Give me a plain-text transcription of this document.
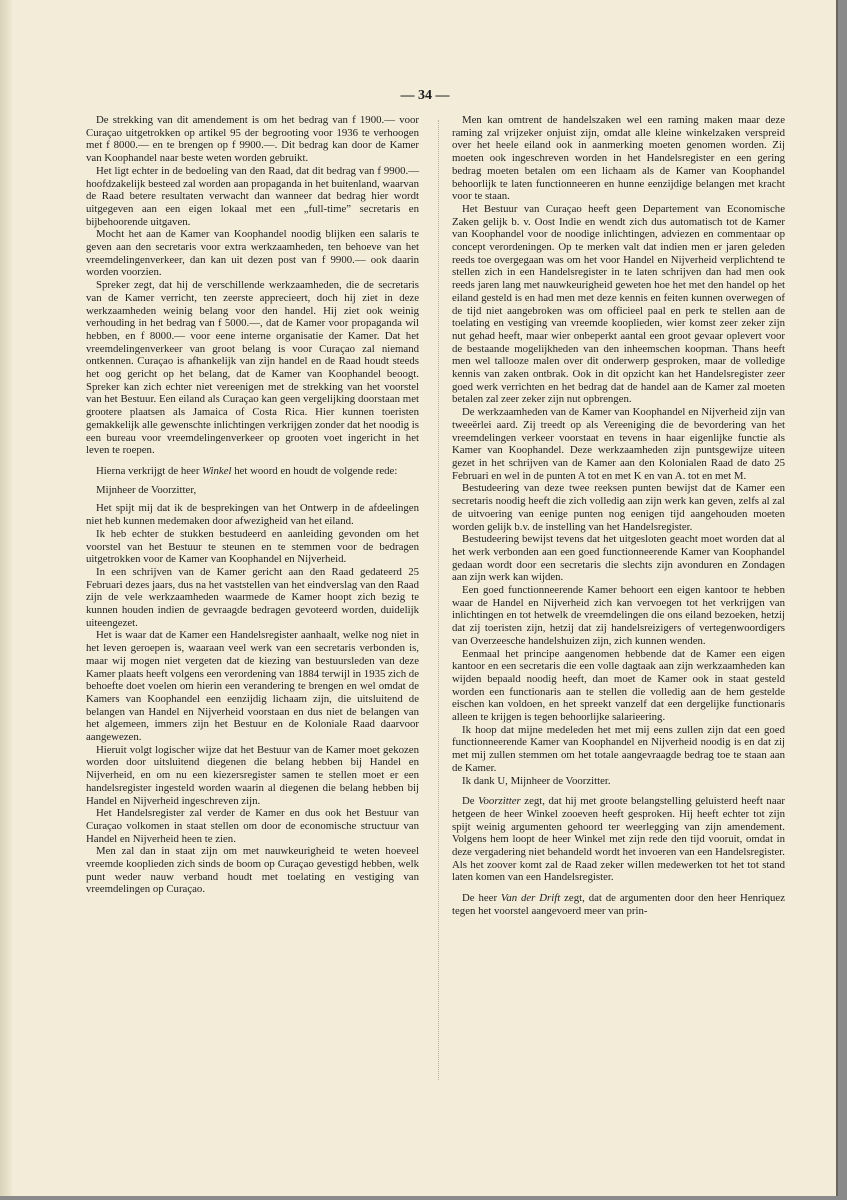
— 34 —

De strekking van dit amendement is om het bedrag van f 1900.— voor Curaçao uitgetrokken op artikel 95 der begrooting voor 1936 te verhoogen met f 8000.— en te brengen op f 9900.—. Dit bedrag kan door de Kamer van Koophandel naar beste weten worden gebruikt.

Het ligt echter in de bedoeling van den Raad, dat dit bedrag van f 9900.— hoofdzakelijk besteed zal worden aan propaganda in het buitenland, waarvan de Raad betere resultaten verwacht dan wanneer dat bedrag hier wordt uitgegeven aan een eigen lokaal met een „full-time” secretaris en bijbehoorende uitgaven.

Mocht het aan de Kamer van Koophandel noodig blijken een salaris te geven aan den secretaris voor extra werkzaamheden, ten behoeve van het vreemdelingenverkeer, dan kan uit dezen post van f 9900.— ook daarin worden voorzien.

Spreker zegt, dat hij de verschillende werkzaamheden, die de secretaris van de Kamer verricht, ten zeerste apprecieert, doch hij ziet in deze werkzaamheden weinig belang voor den handel. Hij ziet ook weinig verhouding in het bedrag van f 5000.—, dat de Kamer voor propaganda wil hebben, en f 8000.— voor eene interne organisatie der Kamer. Dat het vreemdelingenverkeer van groot belang is voor Curaçao zal niemand ontkennen. Curaçao is afhankelijk van zijn handel en de Raad houdt steeds het oog gericht op het belang, dat de Kamer van Koophandel beoogt. Spreker kan zich echter niet vereenigen met de strekking van het voorstel van het Bestuur. Een eiland als Curaçao kan geen vergelijking doorstaan met grootere plaatsen als Jamaica of Costa Rica. Hier kunnen toeristen gemakkelijk alle gewenschte inlichtingen verkrijgen zonder dat het noodig is een bureau voor vreemdelingenverkeer op grooten voet ingericht in het leven te roepen.

Hierna verkrijgt de heer Winkel het woord en houdt de volgende rede:

Mijnheer de Voorzitter,

Het spijt mij dat ik de besprekingen van het Ontwerp in de afdeelingen niet heb kunnen medemaken door afwezigheid van het eiland.

Ik heb echter de stukken bestudeerd en aanleiding gevonden om het voorstel van het Bestuur te steunen en te stemmen voor de bedragen uitgetrokken voor de Kamer van Koophandel en Nijverheid.

In een schrijven van de Kamer gericht aan den Raad gedateerd 25 Februari dezes jaars, dus na het vaststellen van het eindverslag van den Raad zijn de vele werkzaamheden waarmede de Kamer hoopt zich bezig te kunnen houden indien de gevraagde bedragen gevoteerd worden, duidelijk uiteengezet.

Het is waar dat de Kamer een Handelsregister aanhaalt, welke nog niet in het leven geroepen is, waaraan veel werk van een secretaris verbonden is, maar wij mogen niet vergeten dat de kiezing van bestuursleden van deze Kamer plaats heeft volgens een verordening van 1884 terwijl in 1935 zich de behoefte doet voelen om hierin een verandering te brengen en wel omdat de Kamers van Koophandel een eenzijdig lichaam zijn, die uitsluitend de belangen van Handel en Nijverheid voorstaan en dus niet de belangen van het algemeen, immers zijn het Bestuur en de Koloniale Raad daarvoor aangewezen.

Hieruit volgt logischer wijze dat het Bestuur van de Kamer moet gekozen worden door uitsluitend diegenen die belang hebben bij Handel en Nijverheid, en om nu een kiezersregister samen te stellen moet er een handelsregister ingesteld worden waarin al diegenen die belang hebben bij Handel en Nijverheid ingeschreven zijn.

Het Handelsregister zal verder de Kamer en dus ook het Bestuur van Curaçao volkomen in staat stellen om door de economische structuur van Handel en Nijverheid heen te zien.

Men zal dan in staat zijn om met nauwkeurigheid te weten hoeveel vreemde kooplieden zich sinds de boom op Curaçao gevestigd hebben, welk punt weder nauw verband houdt met toelating en vestiging van vreemdelingen op Curaçao.

Men kan omtrent de handelszaken wel een raming maken maar deze raming zal vrijzeker onjuist zijn, omdat alle kleine winkelzaken verspreid over het heele eiland ook in aanmerking moeten genomen worden. Zij moeten ook ingeschreven worden in het Handelsregister en een gering bedrag moeten betalen om een lichaam als de Kamer van Koophandel behoorlijk te laten functionneeren en hunne eenzijdige belangen met kracht voor te staan.

Het Bestuur van Curaçao heeft geen Departement van Economische Zaken gelijk b. v. Oost Indie en wendt zich dus automatisch tot de Kamer van Koophandel voor de noodige inlichtingen, adviezen en commentaar op concept verordeningen. Op te merken valt dat indien men er jaren geleden reeds toe overgegaan was om het voor Handel en Nijverheid verplichtend te stellen zich in een Handelsregister in te laten schrijven dan had men ook reeds jaren lang met nauwkeurigheid geweten hoe het met den handel op het eiland gesteld is en had men met deze kennis en feiten kunnen overwegen of de tijd niet aangebroken was om officieel paal en perk te stellen aan de toelating en vestiging van vreemde kooplieden, wier komst zeer zeker zijn nut gehad heeft, maar wier onbeperkt aantal een groot gevaar oplevert voor de bestaande mogelijkheden van den inheemschen koopman. Thans heeft men wel tallooze malen over dit onderwerp gesproken, maar de volledige kennis van zaken ontbrak. Ook in dit opzicht kan het Handelsregister zeer goed werk verrichten en het bedrag dat de handel aan de Kamer zal moeten betalen zal zeer zeker zijn nut opbrengen.

De werkzaamheden van de Kamer van Koophandel en Nijverheid zijn van tweeërlei aard. Zij treedt op als Vereeniging die de bevordering van het vreemdelingen verkeer voorstaat en tevens in haar eigenlijke functie als Kamer van Koophandel. Deze werkzaamheden zijn puntsgewijze uiteen gezet in het schrijven van de Kamer aan den Kolonialen Raad de dato 25 Februari en wel in de punten A tot en met K en van A. tot en met M.

Bestudeering van deze twee reeksen punten bewijst dat de Kamer een secretaris noodig heeft die zich volledig aan zijn werk kan geven, zelfs al zal de uitvoering van eenige punten nog eenigen tijd aangehouden moeten worden gelijk b.v. de instelling van het Handelsregister.

Bestudeering bewijst tevens dat het uitgesloten geacht moet worden dat al het werk verbonden aan een goed functionneerende Kamer van Koophandel gedaan wordt door een secretaris die slechts zijn avonduren en Zondagen aan zijn werk kan wijden.

Een goed functionneerende Kamer behoort een eigen kantoor te hebben waar de Handel en Nijverheid zich kan vervoegen tot het verkrijgen van inlichtingen en tot hetwelk de vreemdelingen die ons eiland bezoeken, hetzij dat zij toeristen zijn, hetzij dat zij handelsreizigers of vertegenwoordigers van Overzeesche handelshuizen zijn, zich kunnen wenden.

Eenmaal het principe aangenomen hebbende dat de Kamer een eigen kantoor en een secretaris die een volle dagtaak aan zijn werkzaamheden kan wijden bepaald noodig heeft, dan moet de Kamer ook in staat gesteld worden een functionaris aan te stellen die volledig aan de hem gestelde eischen kan voldoen, en het spreekt vanzelf dat een dergelijke functionaris alleen te krijgen is tegen behoorlijke salarieering.

Ik hoop dat mijne medeleden het met mij eens zullen zijn dat een goed functionneerende Kamer van Koophandel en Nijverheid noodig is en dat zij met mij zullen stemmen om het totale aangevraagde bedrag toe te staan aan de Kamer.

Ik dank U, Mijnheer de Voorzitter.

De Voorzitter zegt, dat hij met groote belangstelling geluisterd heeft naar hetgeen de heer Winkel zooeven heeft gesproken. Hij heeft echter tot zijn spijt weinig argumenten gehoord ter weerlegging van zijn amendement. Volgens hem loopt de heer Winkel met zijn rede den tijd vooruit, omdat in deze vergadering niet behandeld wordt het invoeren van een Handelsregister. Als het zoover komt zal de Raad zeker willen medewerken tot het tot stand laten komen van een Handelsregister.

De heer Van der Drift zegt, dat de argumenten door den heer Henriquez tegen het voorstel aangevoerd meer van prin-
